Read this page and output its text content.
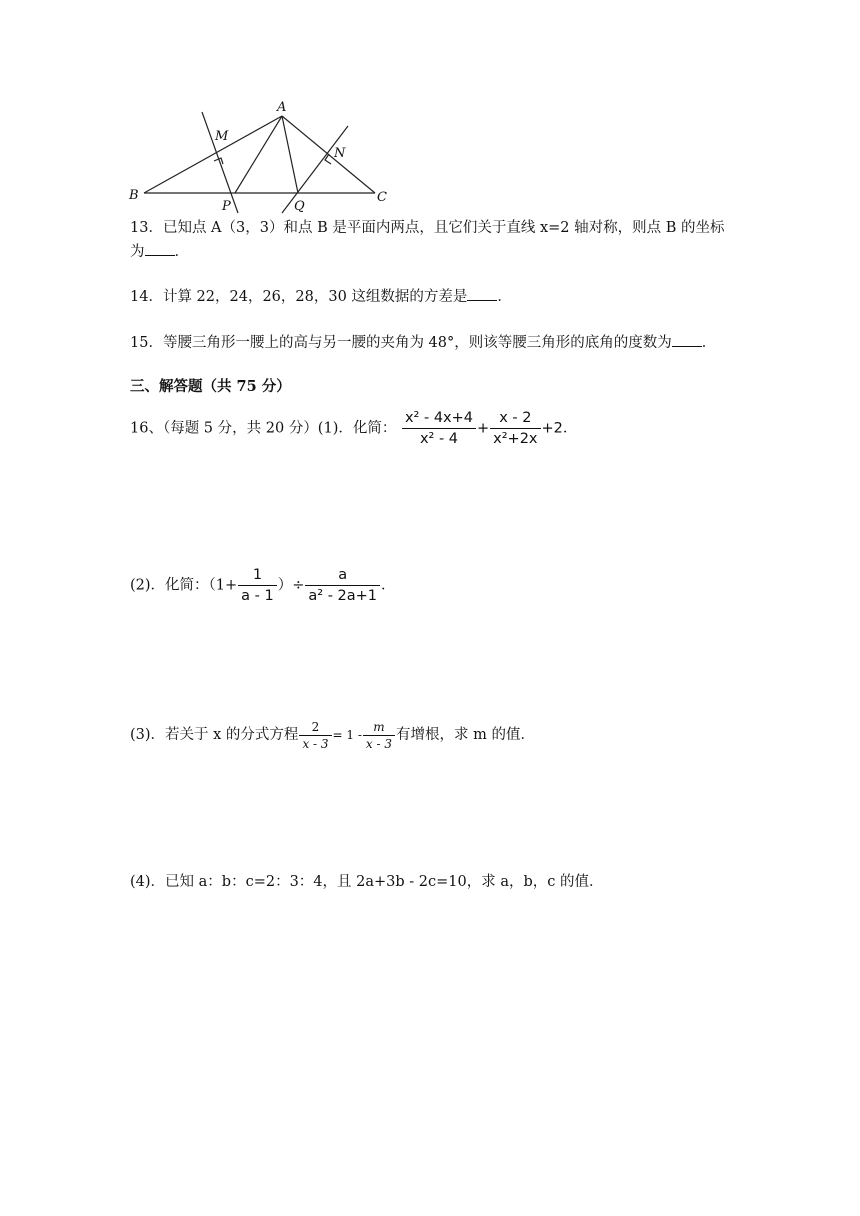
A
B	C
M
N
P	Q
13．已知点 A（3，3）和点 B 是平面内两点，且它们关于直线 x=2 轴对称，则点 B 的坐标
为 ．
14．计算 22，24，26，28，30 这组数据的方差是 ．
15．等腰三角形一腰上的高与另一腰的夹角为 48°，则该等腰三角形的底角的度数为 ．
三、解答题（共 75 分）
16、（每题 5 分，共 20 分）(1)．化简： $\frac{\text{x² - 4x+4}}{\text{x² - 4}} + \frac{x - 2}{\text{x²+2x}} +2$．
(2)．化简：（$1+ \frac{1}{a - 1}$ ）÷ $\frac{a}{\text{a² - 2a+1}}$ ．
(3)．若关于 x 的分式方程 $\frac{2}{x - 3} = 1 - \frac{m}{x - 3}$ 有增根，求 m 的值．
(4)．已知 a：b：c=2：3：4，且 2a+3b - 2c=10，求 a，b，c 的值．
